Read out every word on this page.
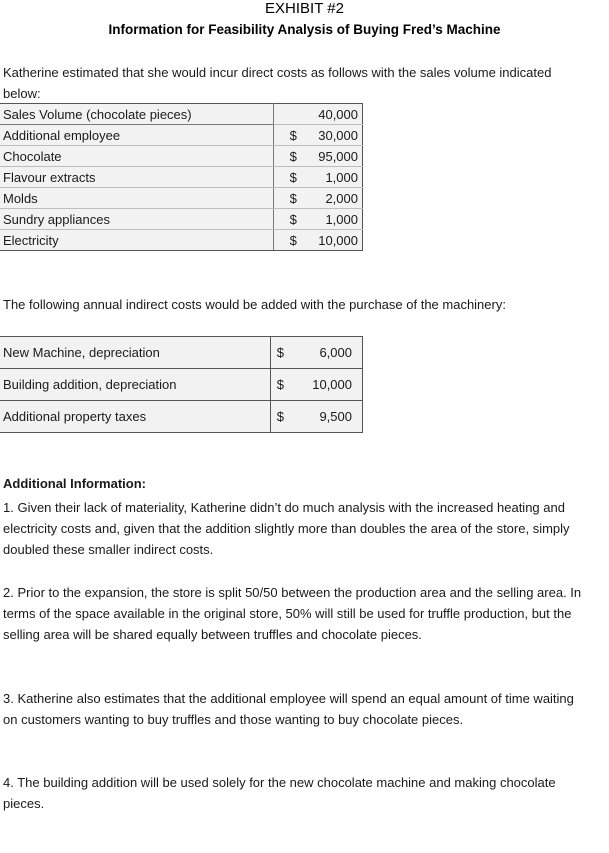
EXHIBIT #2
Information for Feasibility Analysis of Buying Fred’s Machine
Katherine estimated that she would incur direct costs as follows with the sales volume indicated below:
Sales Volume (chocolate pieces)		40,000
Additional employee	$	30,000
Chocolate	$	95,000
Flavour extracts	$	1,000
Molds	$	2,000
Sundry appliances	$	1,000
Electricity	$	10,000
The following annual indirect costs would be added with the purchase of the machinery:
New Machine, depreciation	$	6,000
Building addition, depreciation	$	10,000
Additional property taxes	$	9,500
Additional Information:
1. Given their lack of materiality, Katherine didn’t do much analysis with the increased heating and electricity costs and, given that the addition slightly more than doubles the area of the store, simply doubled these smaller indirect costs.
2. Prior to the expansion, the store is split 50/50 between the production area and the selling area. In terms of the space available in the original store, 50% will still be used for truffle production, but the selling area will be shared equally between truffles and chocolate pieces.
3. Katherine also estimates that the additional employee will spend an equal amount of time waiting on customers wanting to buy truffles and those wanting to buy chocolate pieces.
4. The building addition will be used solely for the new chocolate machine and making chocolate pieces.
